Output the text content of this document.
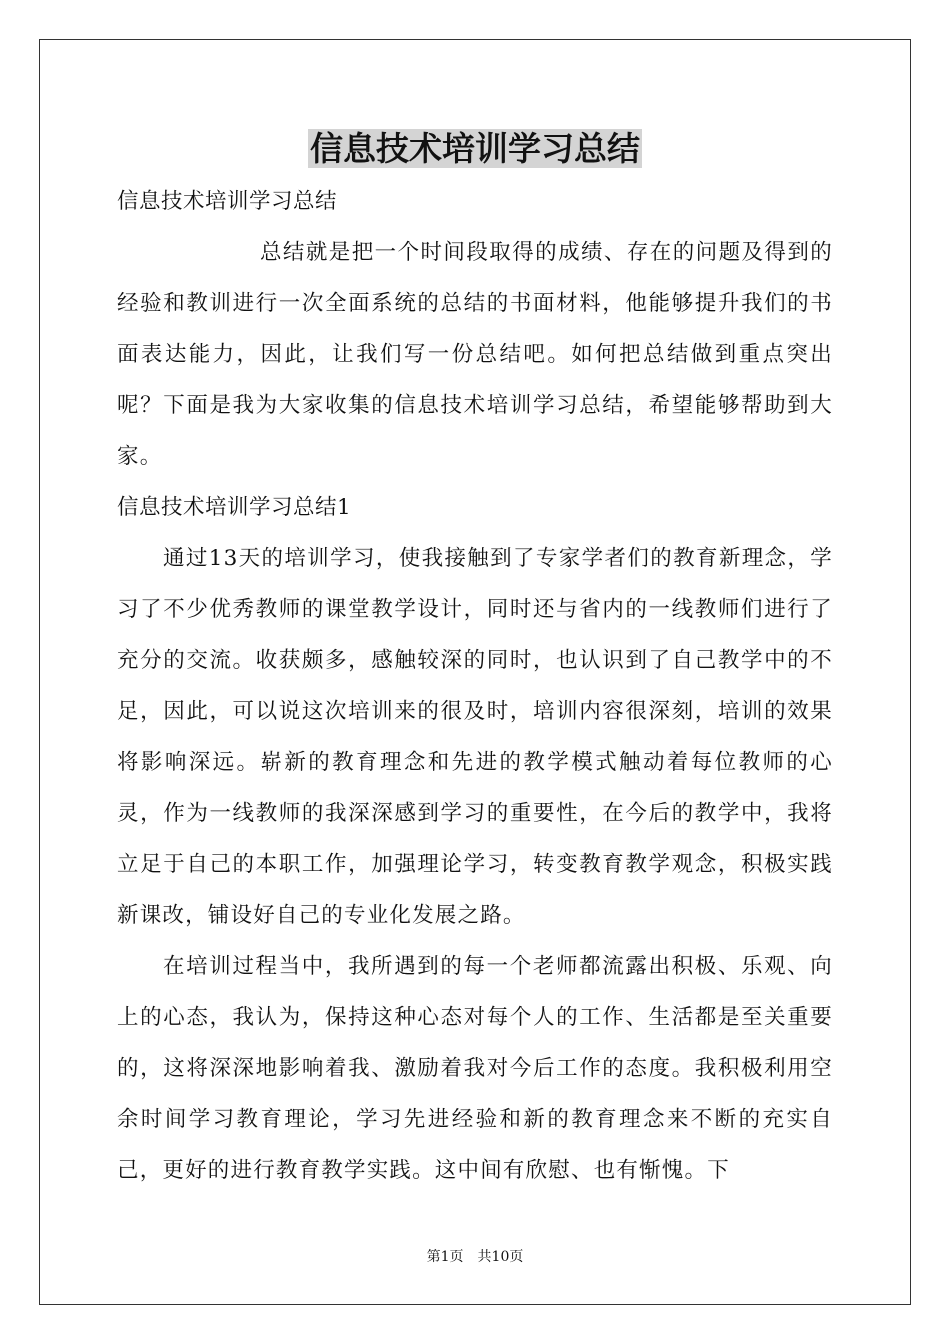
信息技术培训学习总结

信息技术培训学习总结

总结就是把一个时间段取得的成绩、存在的问题及得到的经验和教训进行一次全面系统的总结的书面材料，他能够提升我们的书面表达能力，因此，让我们写一份总结吧。如何把总结做到重点突出呢？下面是我为大家收集的信息技术培训学习总结，希望能够帮助到大家。

信息技术培训学习总结1

通过13天的培训学习，使我接触到了专家学者们的教育新理念，学习了不少优秀教师的课堂教学设计，同时还与省内的一线教师们进行了充分的交流。收获颇多，感触较深的同时，也认识到了自己教学中的不足，因此，可以说这次培训来的很及时，培训内容很深刻，培训的效果将影响深远。崭新的教育理念和先进的教学模式触动着每位教师的心灵，作为一线教师的我深深感到学习的重要性，在今后的教学中，我将立足于自己的本职工作，加强理论学习，转变教育教学观念，积极实践新课改，铺设好自己的专业化发展之路。

在培训过程当中，我所遇到的每一个老师都流露出积极、乐观、向上的心态，我认为，保持这种心态对每个人的工作、生活都是至关重要的，这将深深地影响着我、激励着我对今后工作的态度。我积极利用空余时间学习教育理论，学习先进经验和新的教育理念来不断的充实自己，更好的进行教育教学实践。这中间有欣慰、也有惭愧。下

第1页 共10页
